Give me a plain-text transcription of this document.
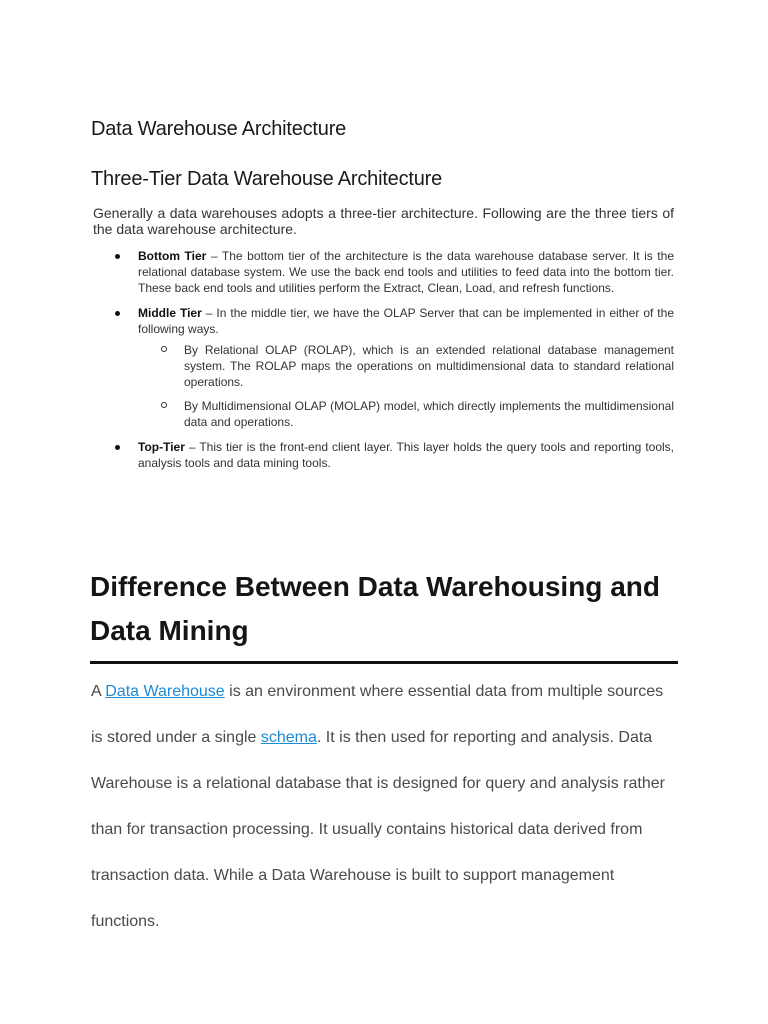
Data Warehouse Architecture
Three-Tier Data Warehouse Architecture

Generally a data warehouses adopts a three-tier architecture. Following are the three tiers of the data warehouse architecture.

Bottom Tier – The bottom tier of the architecture is the data warehouse database server. It is the relational database system. We use the back end tools and utilities to feed data into the bottom tier. These back end tools and utilities perform the Extract, Clean, Load, and refresh functions.
Middle Tier – In the middle tier, we have the OLAP Server that can be implemented in either of the following ways.
By Relational OLAP (ROLAP), which is an extended relational database management system. The ROLAP maps the operations on multidimensional data to standard relational operations.
By Multidimensional OLAP (MOLAP) model, which directly implements the multidimensional data and operations.
Top-Tier – This tier is the front-end client layer. This layer holds the query tools and reporting tools, analysis tools and data mining tools.
Difference Between Data Warehousing and Data Mining

A Data Warehouse is an environment where essential data from multiple sources is stored under a single schema. It is then used for reporting and analysis. Data Warehouse is a relational database that is designed for query and analysis rather than for transaction processing. It usually contains historical data derived from transaction data. While a Data Warehouse is built to support management functions.
